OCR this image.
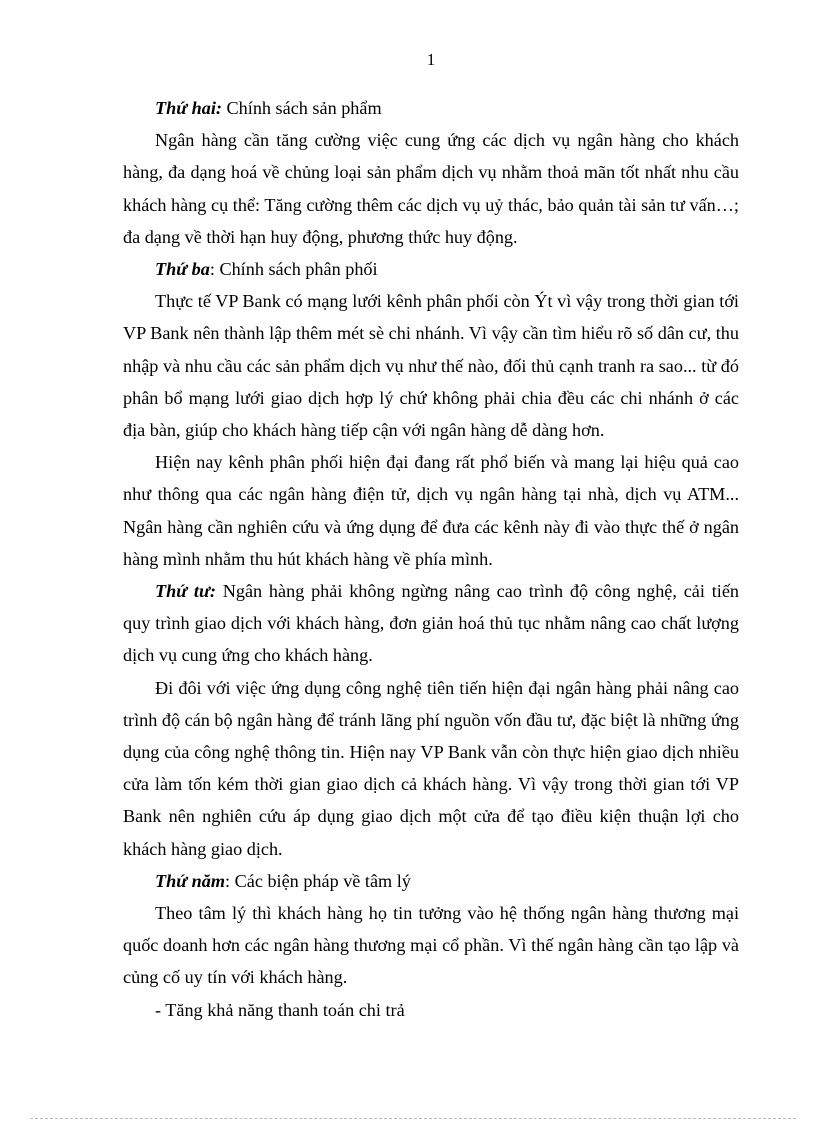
1

Thứ hai: Chính sách sản phẩm

Ngân hàng cần tăng cường việc cung ứng các dịch vụ ngân hàng cho khách hàng, đa dạng hoá về chủng loại sản phẩm dịch vụ nhằm thoả mãn tốt nhất nhu cầu khách hàng cụ thể: Tăng cường thêm các dịch vụ uỷ thác, bảo quản tài sản tư vấn…; đa dạng về thời hạn huy động, phương thức huy động.

Thứ ba: Chính sách phân phối

Thực tế VP Bank có mạng lưới kênh phân phối còn Ýt vì vậy trong thời gian tới VP Bank nên thành lập thêm mét sè chi nhánh. Vì vậy cần tìm hiểu rõ số dân cư, thu nhập và nhu cầu các sản phẩm dịch vụ như thế nào, đối thủ cạnh tranh ra sao... từ đó phân bổ mạng lưới giao dịch hợp lý chứ không phải chia đều các chi nhánh ở các địa bàn, giúp cho khách hàng tiếp cận với ngân hàng dễ dàng hơn.

Hiện nay kênh phân phối hiện đại đang rất phổ biến và mang lại hiệu quả cao như thông qua các ngân hàng điện tử, dịch vụ ngân hàng tại nhà, dịch vụ ATM... Ngân hàng cần nghiên cứu và ứng dụng để đưa các kênh này đi vào thực thế ở ngân hàng mình nhằm thu hút khách hàng về phía mình.

Thứ tư: Ngân hàng phải không ngừng nâng cao trình độ công nghệ, cải tiến quy trình giao dịch với khách hàng, đơn giản hoá thủ tục nhằm nâng cao chất lượng dịch vụ cung ứng cho khách hàng.

Đi đôi với việc ứng dụng công nghệ tiên tiến hiện đại ngân hàng phải nâng cao trình độ cán bộ ngân hàng để tránh lãng phí nguồn vốn đầu tư, đặc biệt là những ứng dụng của công nghệ thông tin. Hiện nay VP Bank vẫn còn thực hiện giao dịch nhiều cửa làm tốn kém thời gian giao dịch cả khách hàng. Vì vậy trong thời gian tới VP Bank nên nghiên cứu áp dụng giao dịch một cửa để tạo điều kiện thuận lợi cho khách hàng giao dịch.

Thứ năm: Các biện pháp về tâm lý

Theo tâm lý thì khách hàng họ tin tưởng vào hệ thống ngân hàng thương mại quốc doanh hơn các ngân hàng thương mại cổ phần. Vì thế ngân hàng cần tạo lập và củng cố uy tín với khách hàng.

- Tăng khả năng thanh toán chi trả
